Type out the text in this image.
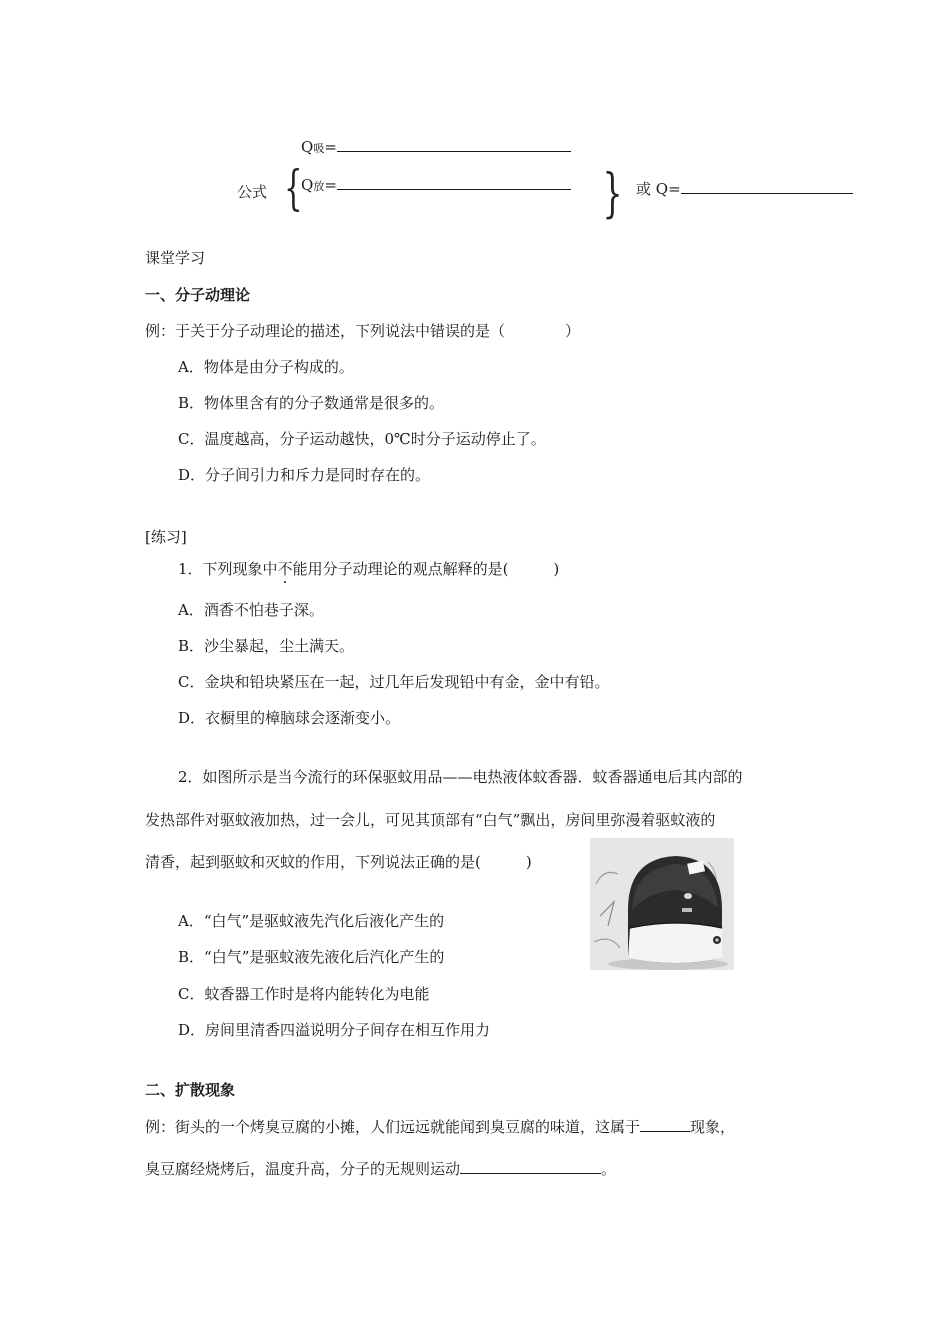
Q吸=
公式 {
Q放=	} 或 Q=
课堂学习
一、分子动理论
例：于关于分子动理论的描述，下列说法中错误的是（　　　　）
A．物体是由分子构成的。
B．物体里含有的分子数通常是很多的。
C．温度越高，分子运动越快，0℃时分子运动停止了。
D．分子间引力和斥力是同时存在的。
[练习]
1．下列现象中不能用分子动理论的观点解释的是(　　　)
A．酒香不怕巷子深。
B．沙尘暴起，尘土满天。
C．金块和铅块紧压在一起，过几年后发现铅中有金，金中有铅。
D．衣橱里的樟脑球会逐渐变小。
2．如图所示是当今流行的环保驱蚊用品——电热液体蚊香器．蚊香器通电后其内部的
发热部件对驱蚊液加热，过一会儿，可见其顶部有“白气”飘出，房间里弥漫着驱蚊液的
清香，起到驱蚊和灭蚊的作用，下列说法正确的是(　　　)
A．“白气”是驱蚊液先汽化后液化产生的
B．“白气”是驱蚊液先液化后汽化产生的
C．蚊香器工作时是将内能转化为电能
D．房间里清香四溢说明分子间存在相互作用力
二、扩散现象
例：街头的一个烤臭豆腐的小摊，人们远远就能闻到臭豆腐的味道，这属于	现象，
臭豆腐经烧烤后，温度升高，分子的无规则运动	。
